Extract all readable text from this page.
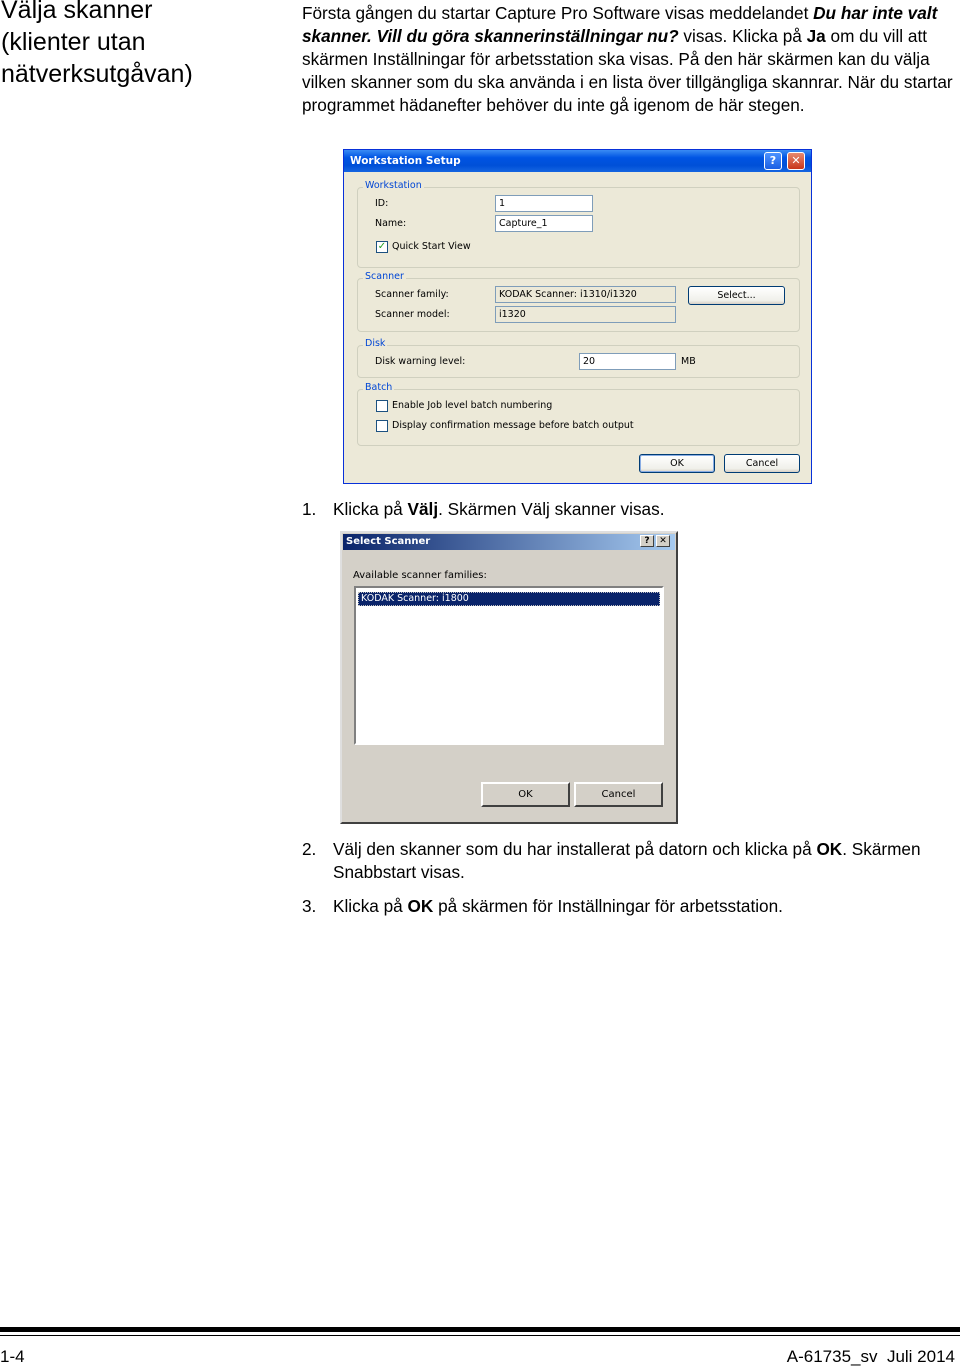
Välja skanner
(klienter utan
nätverksutgåvan)

Första gången du startar Capture Pro Software visas meddelandet Du har inte valt skanner. Vill du göra skannerinställningar nu? visas. Klicka på Ja om du vill att skärmen Inställningar för arbetsstation ska visas. På den här skärmen kan du välja vilken skanner som du ska använda i en lista över tillgängliga skannrar. När du startar programmet hädanefter behöver du inte gå igenom de här stegen.

Workstation Setup	?	✕
Workstation
ID:	1
Name:	Capture_1
✓ Quick Start View
Scanner
Scanner family:	KODAK Scanner: i1310/i1320	Select...
Scanner model:	i1320
Disk
Disk warning level:	20	MB
Batch
Enable Job level batch numbering
Display confirmation message before batch output
OK	Cancel

1. Klicka på Välj. Skärmen Välj skanner visas.

Select Scanner	?	✕
Available scanner families:
KODAK Scanner: i1800
OK	Cancel

2. Välj den skanner som du har installerat på datorn och klicka på OK. Skärmen Snabbstart visas.

3. Klicka på OK på skärmen för Inställningar för arbetsstation.

1-4	A-61735_sv  Juli 2014
